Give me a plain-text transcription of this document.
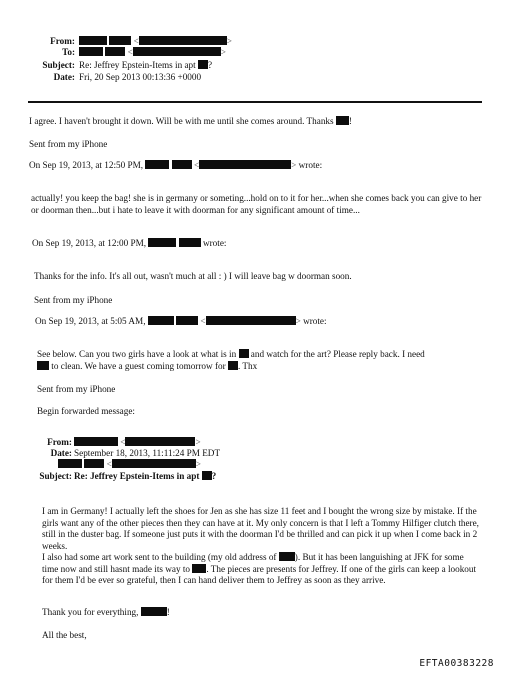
From:	<	>
To:	<	>
Subject: Re: Jeffrey Epstein-Items in apt ?
Date: Fri, 20 Sep 2013 00:13:36 +0000
I agree. I haven't brought it down. Will be with me until she comes around. Thanks !
Sent from my iPhone
On Sep 19, 2013, at 12:50 PM,	<	> wrote:
actually! you keep the bag! she is in germany or someting...hold on to it for her...when she comes back you can give to her or doorman then...but i hate to leave it with doorman for any significant amount of time...
On Sep 19, 2013, at 12:00 PM,	wrote:
Thanks for the info. It's all out, wasn't much at all : ) I will leave bag w doorman soon.
Sent from my iPhone
On Sep 19, 2013, at 5:05 AM,	<	> wrote:
See below. Can you two girls have a look at what is in and watch for the art? Please reply back. I need
to clean. We have a guest coming tomorrow for . Thx
Sent from my iPhone
Begin forwarded message:
From:	<	>
Date: September 18, 2013, 11:11:24 PM EDT
<	>
Subject: Re: Jeffrey Epstein-Items in apt ?
I am in Germany! I actually left the shoes for Jen as she has size 11 feet and I bought the wrong size by mistake. If the girls want any of the other pieces then they can have at it. My only concern is that I left a Tommy Hilfiger clutch there, still in the duster bag. If someone just puts it with the doorman I'd be thrilled and can pick it up when I come back in 2 weeks.
I also had some art work sent to the building (my old address of ). But it has been languishing at JFK for some time now and still hasnt made its way to . The pieces are presents for Jeffrey. If one of the girls can keep a lookout for them I'd be ever so grateful, then I can hand deliver them to Jeffrey as soon as they arrive.
Thank you for everything,	!
All the best,
EFTA00383228
